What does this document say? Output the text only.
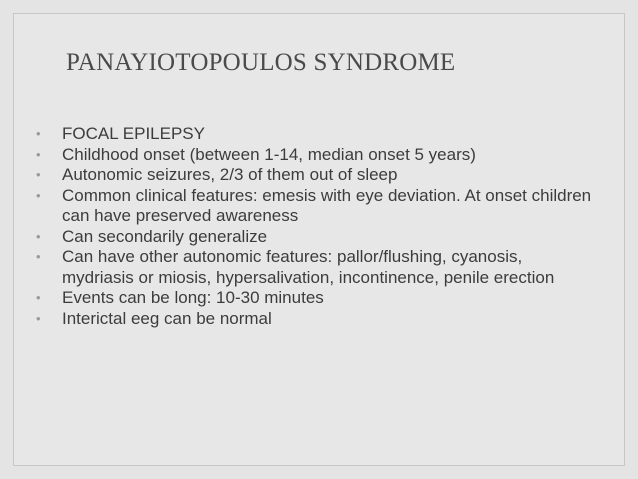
PANAYIOTOPOULOS SYNDROME
•	FOCAL EPILEPSY
•	Childhood onset (between 1-14, median onset 5 years)
•	Autonomic seizures, 2/3 of them out of sleep
•	Common clinical features: emesis with eye deviation. At onset children can have preserved awareness
•	Can secondarily generalize
•	Can have other autonomic features: pallor/flushing, cyanosis, mydriasis or miosis, hypersalivation, incontinence, penile erection
•	Events can be long: 10-30 minutes
•	Interictal eeg can be normal
